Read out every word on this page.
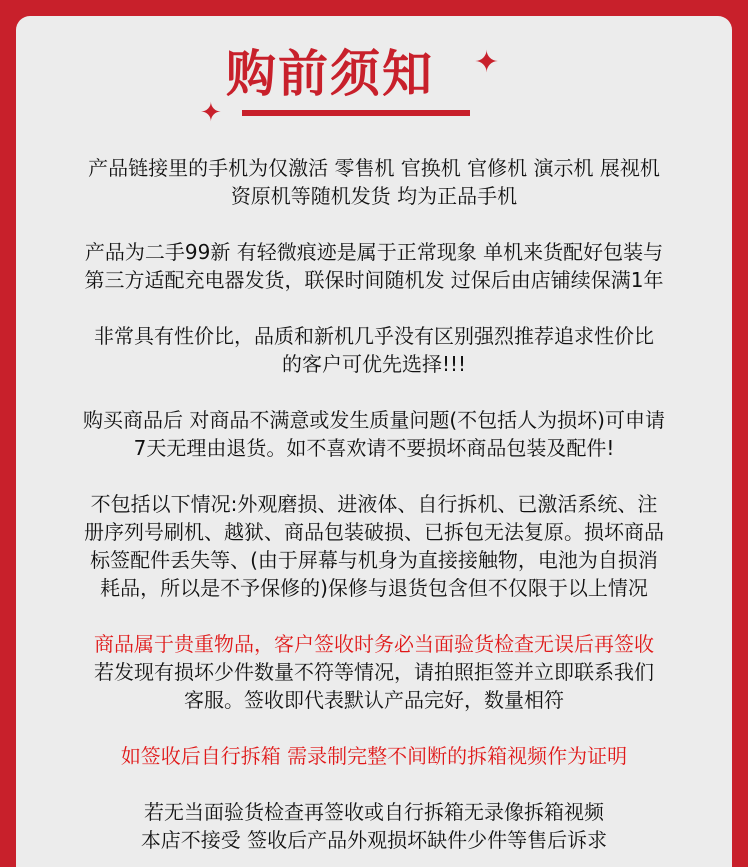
✦
✦
购前须知
产品链接里的手机为仅激活 零售机 官换机 官修机 演示机 展视机
资原机等随机发货 均为正品手机
产品为二手99新 有轻微痕迹是属于正常现象 单机来货配好包装与
第三方适配充电器发货，联保时间随机发 过保后由店铺续保满1年
非常具有性价比，品质和新机几乎没有区别强烈推荐追求性价比
的客户可优先选择!!!
购买商品后 对商品不满意或发生质量问题(不包括人为损坏)可申请
7天无理由退货。如不喜欢请不要损坏商品包装及配件!
不包括以下情况:外观磨损、进液体、自行拆机、已激活系统、注
册序列号刷机、越狱、商品包装破损、已拆包无法复原。损坏商品
标签配件丢失等、(由于屏幕与机身为直接接触物，电池为自损消
耗品，所以是不予保修的)保修与退货包含但不仅限于以上情况
商品属于贵重物品，客户签收时务必当面验货检查无误后再签收
若发现有损坏少件数量不符等情况，请拍照拒签并立即联系我们
客服。签收即代表默认产品完好，数量相符
如签收后自行拆箱 需录制完整不间断的拆箱视频作为证明
若无当面验货检查再签收或自行拆箱无录像拆箱视频
本店不接受 签收后产品外观损坏缺件少件等售后诉求
